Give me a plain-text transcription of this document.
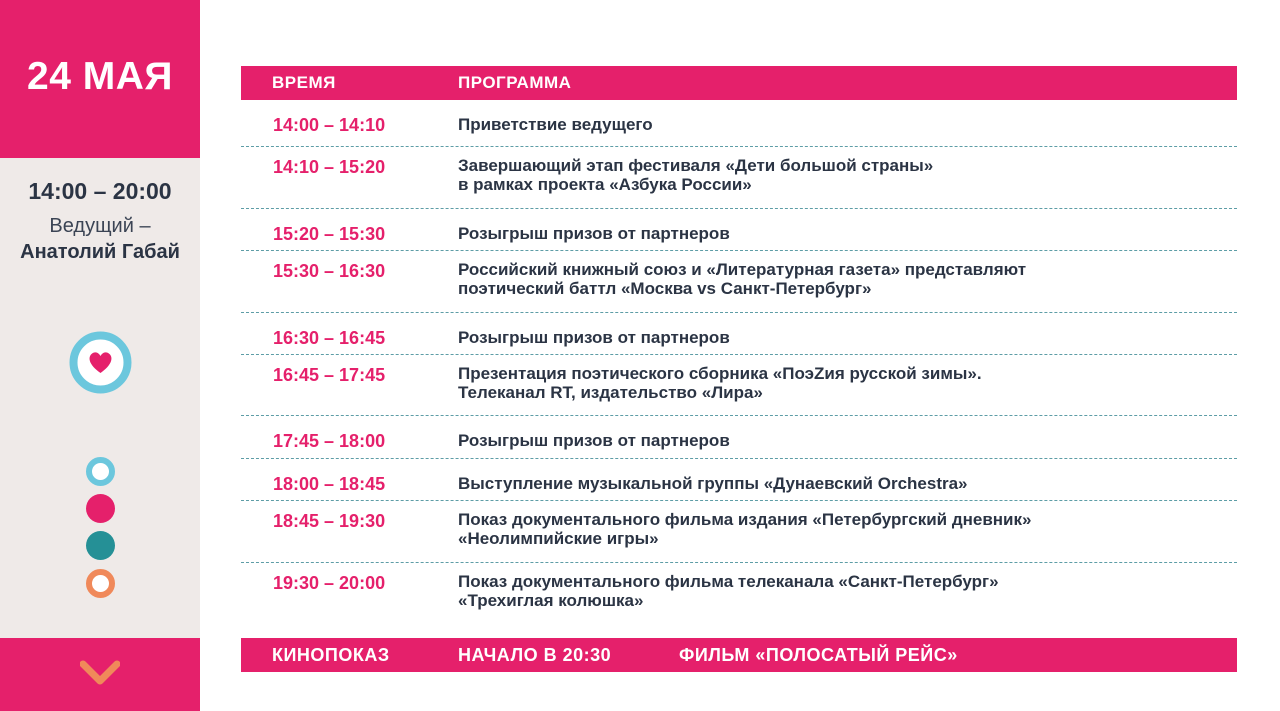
24 МАЯ
14:00 – 20:00
Ведущий –
Анатолий Габай
ВРЕМЯ	ПРОГРАММА
14:00 – 14:10	Приветствие ведущего
14:10 – 15:20	Завершающий этап фестиваля «Дети большой страны»
в рамках проекта «Азбука России»
15:20 – 15:30	Розыгрыш призов от партнеров
15:30 – 16:30	Российский книжный союз и «Литературная газета» представляют
поэтический баттл «Москва vs Санкт-Петербург»
16:30 – 16:45	Розыгрыш призов от партнеров
16:45 – 17:45	Презентация поэтического сборника «ПоэZия русской зимы».
Телеканал RT, издательство «Лира»
17:45 – 18:00	Розыгрыш призов от партнеров
18:00 – 18:45	Выступление музыкальной группы «Дунаевский Orchestra»
18:45 – 19:30	Показ документального фильма издания «Петербургский дневник»
«Неолимпийские игры»
19:30 – 20:00	Показ документального фильма телеканала «Санкт-Петербург»
«Трехиглая колюшка»
КИНОПОКАЗ	НАЧАЛО В 20:30	ФИЛЬМ «ПОЛОСАТЫЙ РЕЙС»
